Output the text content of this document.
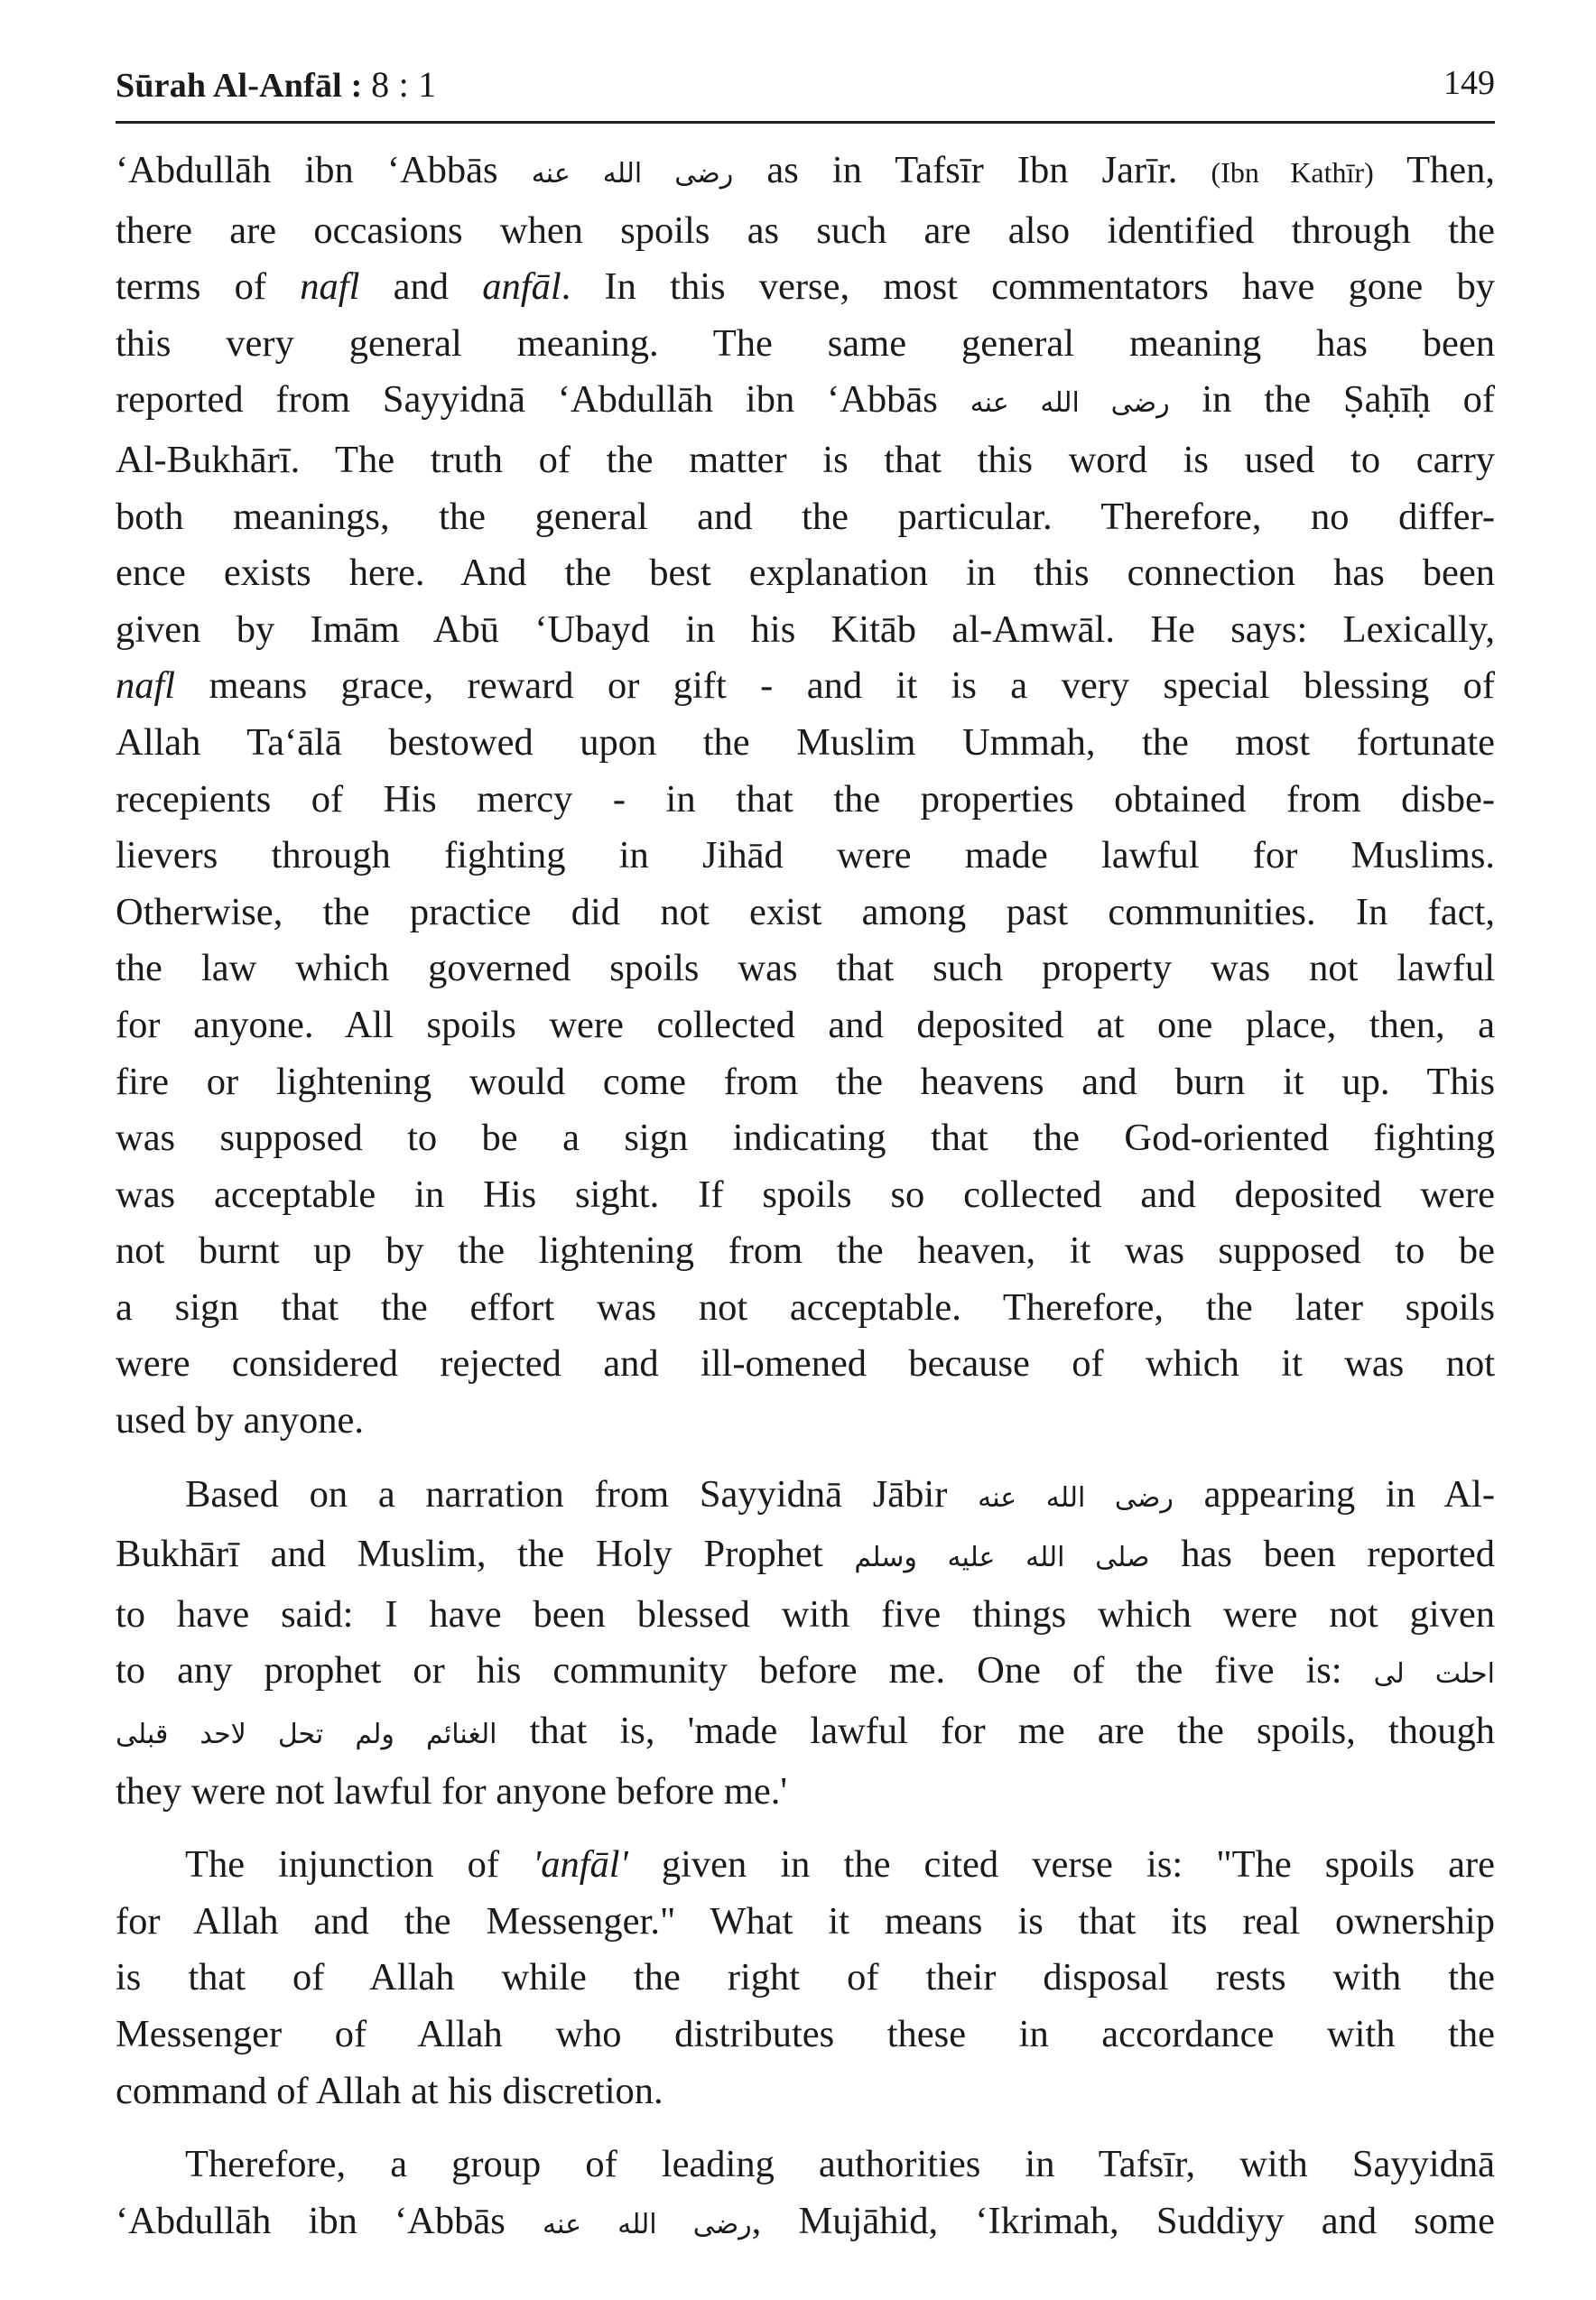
Sūrah Al-Anfāl : 8 : 1	149
‘Abdullāh ibn ‘Abbās رضى الله عنه as in Tafsīr Ibn Jarīr. (Ibn Kathīr) Then,
there are occasions when spoils as such are also identified through the
terms of nafl and anfāl. In this verse, most commentators have gone by
this very general meaning. The same general meaning has been
reported from Sayyidnā ‘Abdullāh ibn ‘Abbās رضى الله عنه in the Ṣaḥīḥ of
Al-Bukhārī. The truth of the matter is that this word is used to carry
both meanings, the general and the particular. Therefore, no differ-
ence exists here. And the best explanation in this connection has been
given by Imām Abū ‘Ubayd in his Kitāb al-Amwāl. He says: Lexically,
nafl means grace, reward or gift - and it is a very special blessing of
Allah Ta‘ālā bestowed upon the Muslim Ummah, the most fortunate
recepients of His mercy - in that the properties obtained from disbe-
lievers through fighting in Jihād were made lawful for Muslims.
Otherwise, the practice did not exist among past communities. In fact,
the law which governed spoils was that such property was not lawful
for anyone. All spoils were collected and deposited at one place, then, a
fire or lightening would come from the heavens and burn it up. This
was supposed to be a sign indicating that the God-oriented fighting
was acceptable in His sight. If spoils so collected and deposited were
not burnt up by the lightening from the heaven, it was supposed to be
a sign that the effort was not acceptable. Therefore, the later spoils
were considered rejected and ill-omened because of which it was not
used by anyone.
Based on a narration from Sayyidnā Jābir رضى الله عنه appearing in Al-
Bukhārī and Muslim, the Holy Prophet صلى الله عليه وسلم has been reported
to have said: I have been blessed with five things which were not given
to any prophet or his community before me. One of the five is: احلت لى
الغنائم ولم تحل لاحد قبلى that is, 'made lawful for me are the spoils, though
they were not lawful for anyone before me.'
The injunction of 'anfāl' given in the cited verse is: "The spoils are
for Allah and the Messenger." What it means is that its real ownership
is that of Allah while the right of their disposal rests with the
Messenger of Allah who distributes these in accordance with the
command of Allah at his discretion.
Therefore, a group of leading authorities in Tafsīr, with Sayyidnā
‘Abdullāh ibn ‘Abbās رضى الله عنه, Mujāhid, ‘Ikrimah, Suddiyy and some
